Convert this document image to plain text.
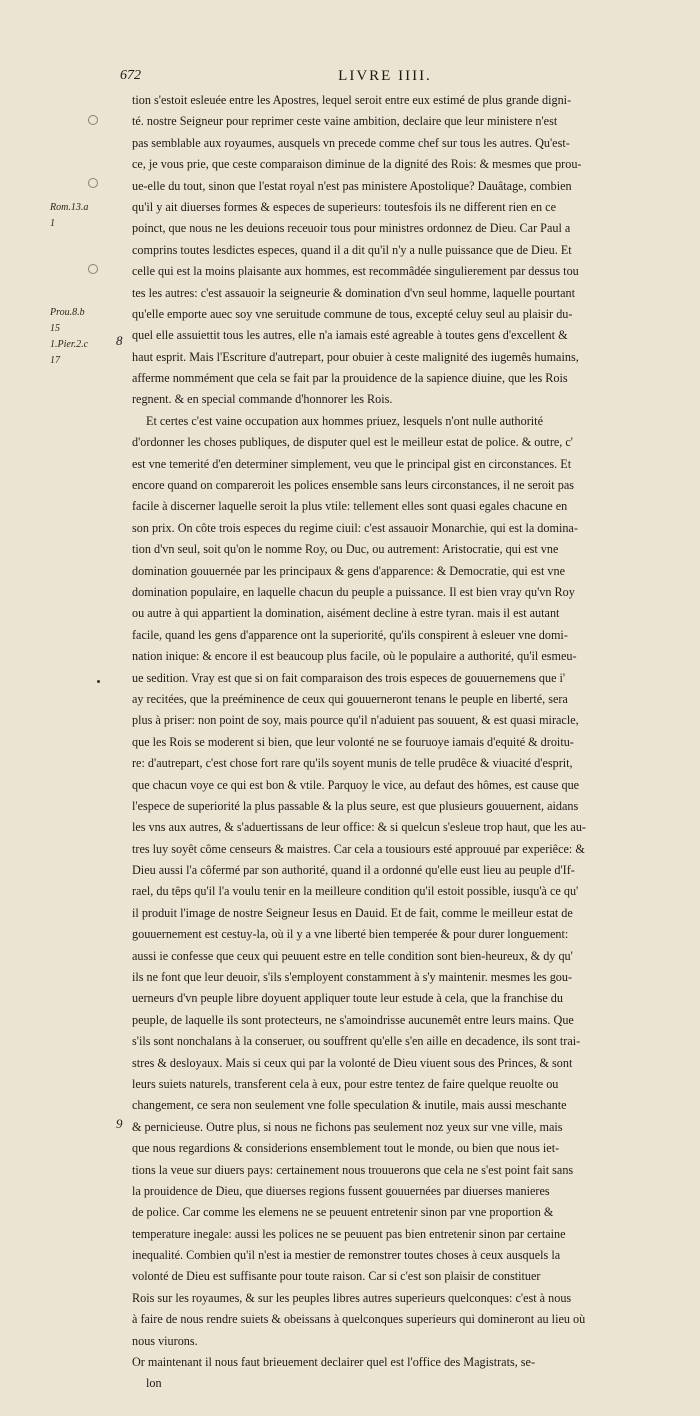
672	LIVRE IIII.
Rom.13.a
1
Prou.8.b
15
1.Pier.2.c
17
8
9
tion s'estoit esleuée entre les Apostres, lequel seroit entre eux estimé de plus grande digni-
té. nostre Seigneur pour reprimer ceste vaine ambition, declaire que leur ministere n'est
pas semblable aux royaumes, ausquels vn precede comme chef sur tous les autres. Qu'est-
ce, je vous prie, que ceste comparaison diminue de la dignité des Rois: & mesmes que prou-
ue-elle du tout, sinon que l'estat royal n'est pas ministere Apostolique? Dauâtage, combien
qu'il y ait diuerses formes & especes de superieurs: toutesfois ils ne different rien en ce
poinct, que nous ne les deuions receuoir tous pour ministres ordonnez de Dieu. Car Paul a
comprins toutes lesdictes especes, quand il a dit qu'il n'y a nulle puissance que de Dieu. Et
celle qui est la moins plaisante aux hommes, est recommâdée singulierement par dessus tou
tes les autres: c'est assauoir la seigneurie & domination d'vn seul homme, laquelle pourtant
qu'elle emporte auec soy vne seruitude commune de tous, excepté celuy seul au plaisir du-
quel elle assuiettit tous les autres, elle n'a iamais esté agreable à toutes gens d'excellent &
haut esprit. Mais l'Escriture d'autrepart, pour obuier à ceste malignité des iugemês humains,
afferme nommément que cela se fait par la prouidence de la sapience diuine, que les Rois
regnent. & en special commande d'honnorer les Rois.
Et certes c'est vaine occupation aux hommes priuez, lesquels n'ont nulle authorité
d'ordonner les choses publiques, de disputer quel est le meilleur estat de police. & outre, c'
est vne temerité d'en determiner simplement, veu que le principal gist en circonstances. Et
encore quand on compareroit les polices ensemble sans leurs circonstances, il ne seroit pas
facile à discerner laquelle seroit la plus vtile: tellement elles sont quasi egales chacune en
son prix. On côte trois especes du regime ciuil: c'est assauoir Monarchie, qui est la domina-
tion d'vn seul, soit qu'on le nomme Roy, ou Duc, ou autrement: Aristocratie, qui est vne
domination gouuernée par les principaux & gens d'apparence: & Democratie, qui est vne
domination populaire, en laquelle chacun du peuple a puissance. Il est bien vray qu'vn Roy
ou autre à qui appartient la domination, aisément decline à estre tyran. mais il est autant
facile, quand les gens d'apparence ont la superiorité, qu'ils conspirent à esleuer vne domi-
nation inique: & encore il est beaucoup plus facile, où le populaire a authorité, qu'il esmeu-
ue sedition. Vray est que si on fait comparaison des trois especes de gouuernemens que i'
ay recitées, que la preéminence de ceux qui gouuerneront tenans le peuple en liberté, sera
plus à priser: non point de soy, mais pource qu'il n'aduient pas souuent, & est quasi miracle,
que les Rois se moderent si bien, que leur volonté ne se fouruoye iamais d'equité & droitu-
re: d'autrepart, c'est chose fort rare qu'ils soyent munis de telle prudêce & viuacité d'esprit,
que chacun voye ce qui est bon & vtile. Parquoy le vice, au defaut des hômes, est cause que
l'espece de superiorité la plus passable & la plus seure, est que plusieurs gouuernent, aidans
les vns aux autres, & s'aduertissans de leur office: & si quelcun s'esleue trop haut, que les au-
tres luy soyêt côme censeurs & maistres. Car cela a tousiours esté approuué par experiêce: &
Dieu aussi l'a côfermé par son authorité, quand il a ordonné qu'elle eust lieu au peuple d'If-
rael, du têps qu'il l'a voulu tenir en la meilleure condition qu'il estoit possible, iusqu'à ce qu'
il produit l'image de nostre Seigneur Iesus en Dauid. Et de fait, comme le meilleur estat de
gouuernement est cestuy-la, où il y a vne liberté bien temperée & pour durer longuement:
aussi ie confesse que ceux qui peuuent estre en telle condition sont bien-heureux, & dy qu'
ils ne font que leur deuoir, s'ils s'employent constamment à s'y maintenir. mesmes les gou-
uerneurs d'vn peuple libre doyuent appliquer toute leur estude à cela, que la franchise du
peuple, de laquelle ils sont protecteurs, ne s'amoindrisse aucunemêt entre leurs mains. Que
s'ils sont nonchalans à la conseruer, ou souffrent qu'elle s'en aille en decadence, ils sont trai-
stres & desloyaux. Mais si ceux qui par la volonté de Dieu viuent sous des Princes, & sont
leurs suiets naturels, transferent cela à eux, pour estre tentez de faire quelque reuolte ou
changement, ce sera non seulement vne folle speculation & inutile, mais aussi meschante
& pernicieuse. Outre plus, si nous ne fichons pas seulement noz yeux sur vne ville, mais
que nous regardions & considerions ensemblement tout le monde, ou bien que nous iet-
tions la veue sur diuers pays: certainement nous trouuerons que cela ne s'est point fait sans
la prouidence de Dieu, que diuerses regions fussent gouuernées par diuerses manieres
de police. Car comme les elemens ne se peuuent entretenir sinon par vne proportion &
temperature inegale: aussi les polices ne se peuuent pas bien entretenir sinon par certaine
inequalité. Combien qu'il n'est ia mestier de remonstrer toutes choses à ceux ausquels la
volonté de Dieu est suffisante pour toute raison. Car si c'est son plaisir de constituer
Rois sur les royaumes, & sur les peuples libres autres superieurs quelconques: c'est à nous
à faire de nous rendre suiets & obeissans à quelconques superieurs qui domineront au lieu où
nous viurons.
Or maintenant il nous faut brieuement declairer quel est l'office des Magistrats, se-
lon
